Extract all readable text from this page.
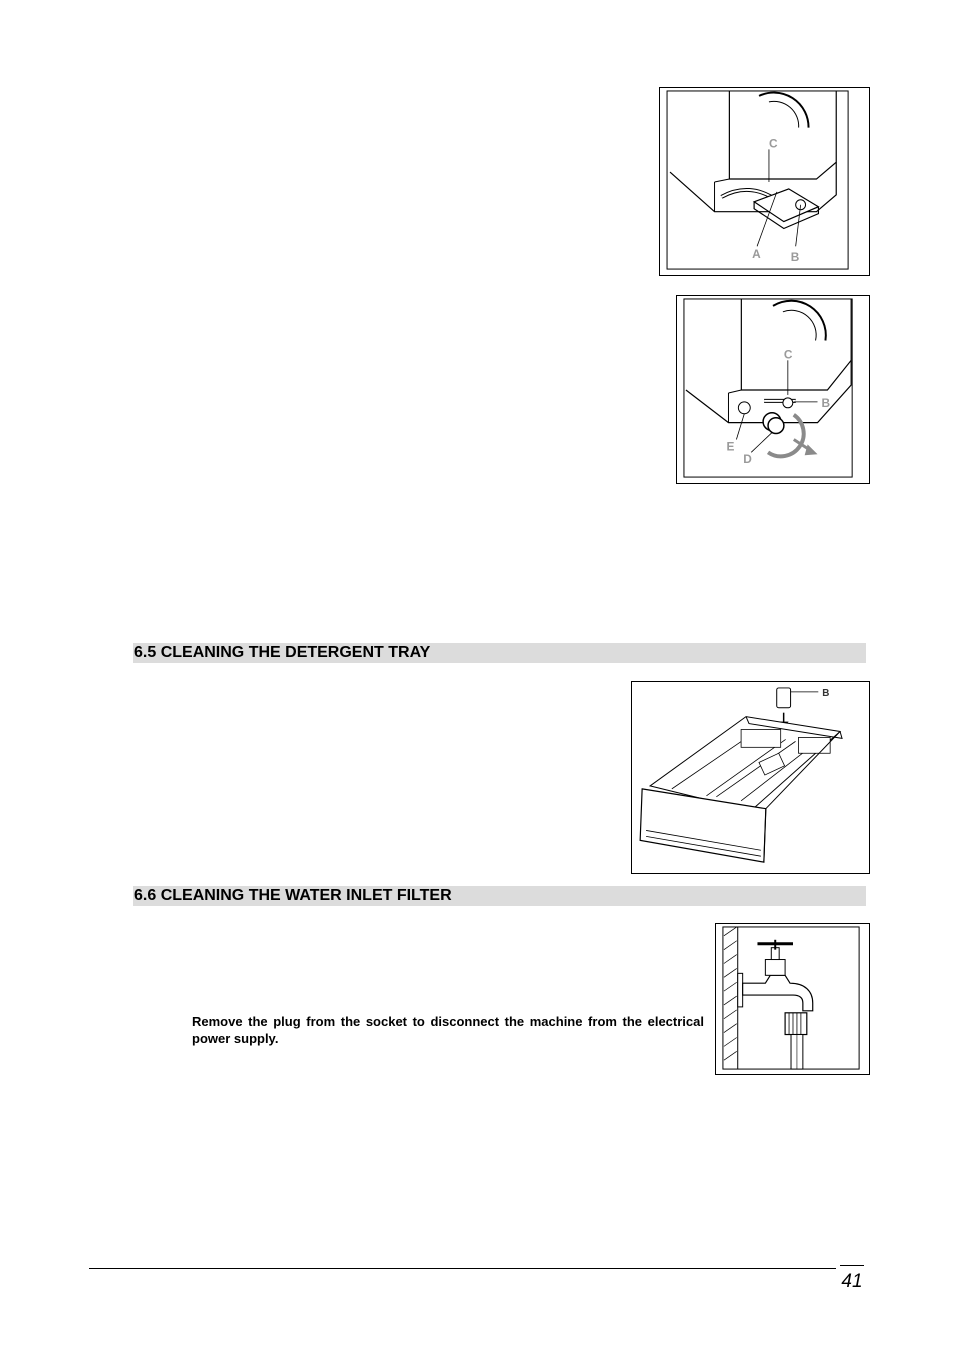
C
A	B
C
B
E
D
6.5 CLEANING THE DETERGENT TRAY
B
6.6 CLEANING THE WATER INLET FILTER
Remove the plug from the socket to disconnect the machine from the electrical power supply.
41
